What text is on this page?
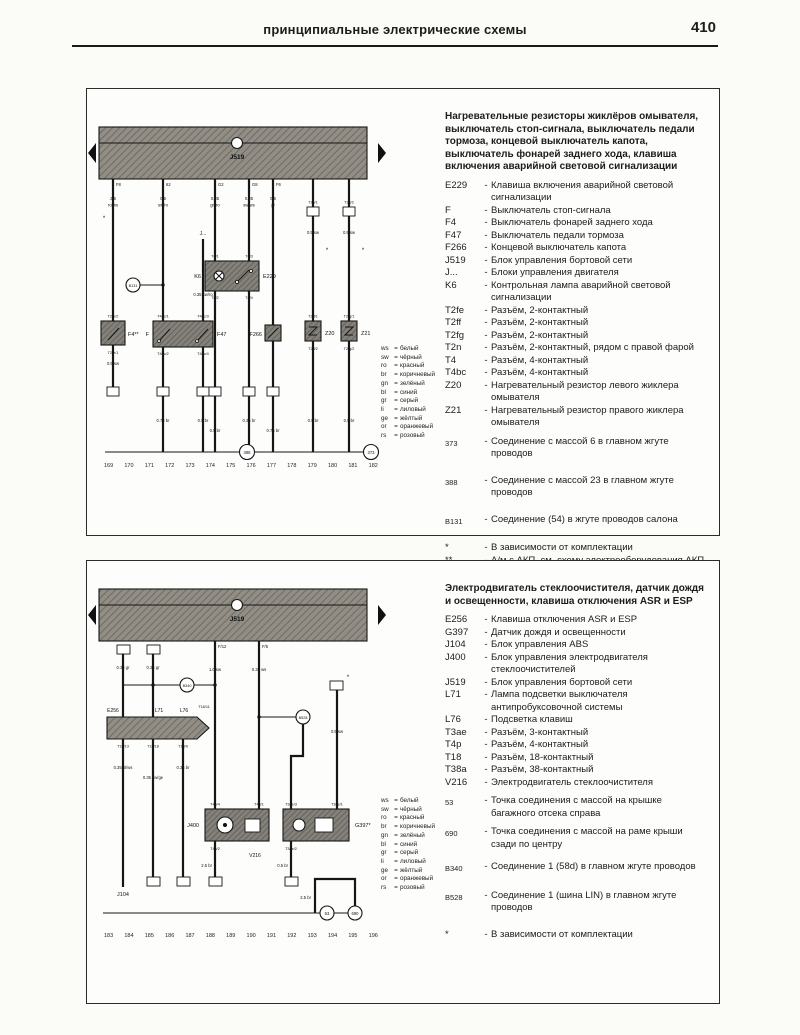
принципиальные электрические схемы	410
J519
F8	62	G2	G8	F6
2.5
ro/ws
0.5
sw/ro
0.35
gn/ro
0.35
sw/ws
0.5
gr
*
B131
J...
0.35 sw/ro
T4/1	T4/3
T4/2	T4/4
K6	E229
T2fe/2
T2fe/1
F4**
0.5 sw
T4bc/1	T4bc/3
T4bc/2	T4bc/4
F	F47	F266
T2n/1	T2n/2
0.5 sw	0.5 sw
*	*
T2ff/1
T2ff/2
Z20
T2fg/1
T2fg/2
Z21
0.75 br	0.5 br
0.5 br
0.35 br
0.75 br
0.5 br	0.5 br
388	373
169 170 171 172 173 174 175 176 177 178 179 180 181 182
Нагревательные резисторы жиклёров омывателя, выключатель стоп-сигнала, выключатель педали тормоза, концевой выключатель капота, выключатель фонарей заднего хода, клавиша включения аварийной световой сигнализации
E229	- Клавиша включения аварийной световой сигнализации
F	- Выключатель стоп-сигнала
F4	- Выключатель фонарей заднего хода
F47	- Выключатель педали тормоза
F266	- Концевой выключатель капота
J519	- Блок управления бортовой сети
J...	- Блоки управления двигателя
K6	- Контрольная лампа аварийной световой сигнализации
T2fe	- Разъём, 2-контактный
T2ff	- Разъём, 2-контактный
T2fg	- Разъём, 2-контактный
T2n	- Разъём, 2-контактный, рядом с правой фарой
T4	- Разъём, 4-контактный
T4bc	- Разъём, 4-контактный
Z20	- Нагревательный резистор левого жиклера омывателя
Z21	- Нагревательный резистор правого жиклера омывателя
373	- Соединение с массой 6 в главном жгуте проводов
388	- Соединение с массой 23 в главном жгуте проводов
B131	- Соединение (54) в жгуте проводов салона
*	- В зависимости от комплектации
ws = белый
sw = чёрный
ro	= красный
br	= коричневый
gn = зелёный
bl	= синий
gr	= серый
li	= лиловый
ge = жёлтый
or	= оранжевый
rs	= розовый
J519
*
F/12	F/5
0.35 gr	0.35 gr	1.0 sw	0.35 ws
0.5 sw
B340
B528
E256	L71	L76
T18/11
T18/13	T18/18	T18/9
0.35 bl/ws
0.35 sw/ge
0.35 br
T4p/4	T4p/1
T4p/2
J400
V216
T3ae/3	T3ae/1
T3ae/2
G397*
2.5 br	0.5 br
J104	2.5 br
53	690
183 184 185 186 187 188 189 190 191 192 193 194 195 196
Электродвигатель стеклоочистителя, датчик дождя и освещенности, клавиша отключения ASR и ESP
E256	- Клавиша отключения ASR и ESP
G397	- Датчик дождя и освещенности
J104	- Блок управления ABS
J400	- Блок управления электродвигателя стеклоочистителей
J519	- Блок управления бортовой сети
L71	- Лампа подсветки выключателя антипробуксовочной системы
L76	- Подсветка клавиш
T3ae	- Разъём, 3-контактный
T4p	- Разъём, 4-контактный
T18	- Разъём, 18-контактный
T38a	- Разъём, 38-контактный
V216	- Электродвигатель стеклоочистителя
53	- Точка соединения с массой на крышке багажного отсека справа
690	- Точка соединения с массой на раме крыши сзади по центру
B340	- Соединение 1 (58d) в главном жгуте проводов
B528	- Соединение 1 (шина LIN) в главном жгуте проводов
*	- В зависимости от комплектации
ws = белый
sw = чёрный
ro	= красный
br	= коричневый
gn = зелёный
bl	= синий
gr	= серый
li	= лиловый
ge = жёлтый
or	= оранжевый
rs	= розовый
